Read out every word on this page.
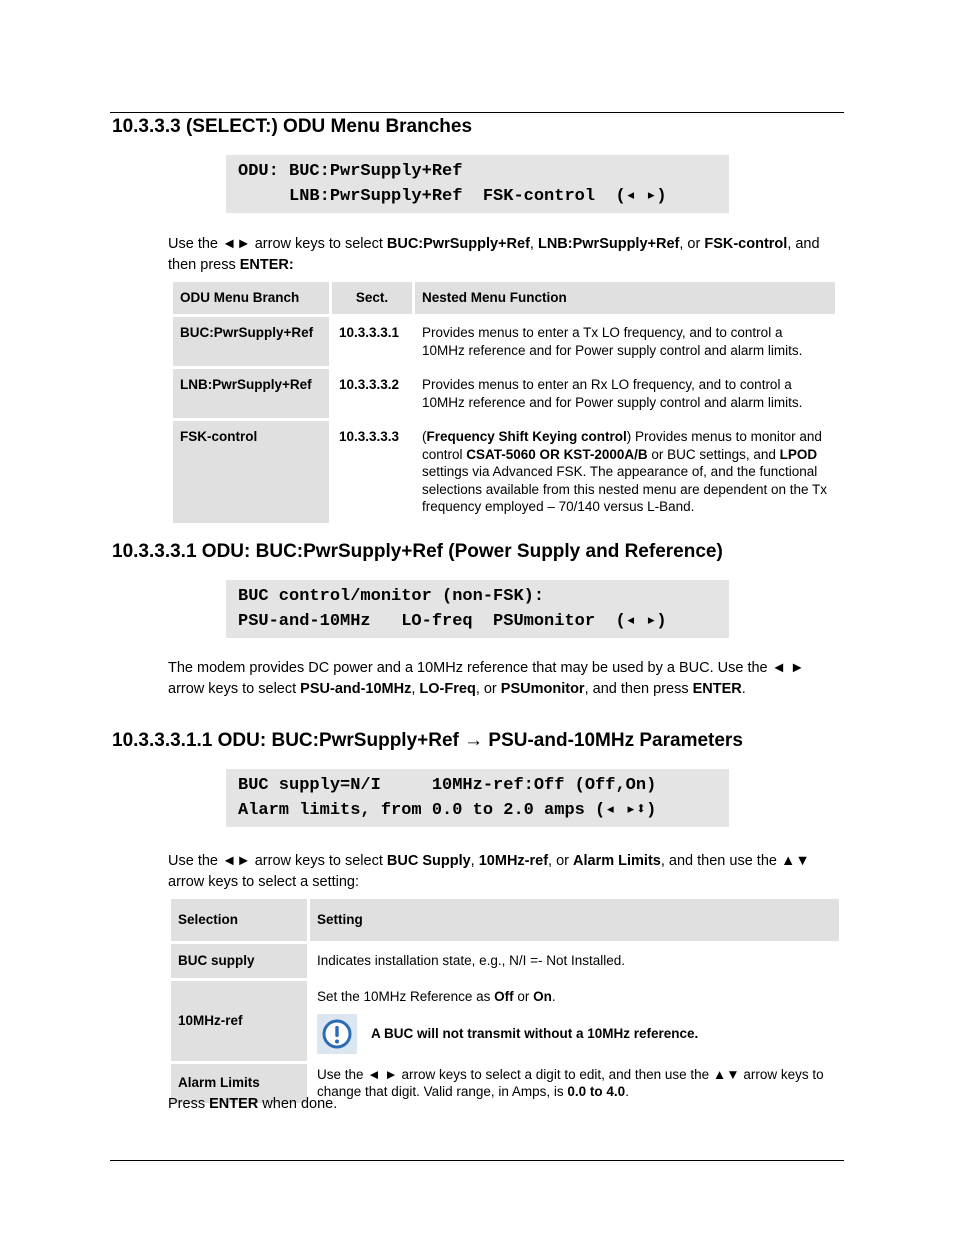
10.3.3.3 (SELECT:) ODU Menu Branches
ODU: BUC:PwrSupply+Ref
LNB:PwrSupply+Ref  FSK-control  (◂ ▸)
Use the ◄► arrow keys to select BUC:PwrSupply+Ref, LNB:PwrSupply+Ref, or FSK-control, and then press ENTER:
ODU Menu Branch	Sect.	Nested Menu Function
BUC:PwrSupply+Ref	10.3.3.3.1	Provides menus to enter a Tx LO frequency, and to control a 10MHz reference and for Power supply control and alarm limits.
LNB:PwrSupply+Ref	10.3.3.3.2	Provides menus to enter an Rx LO frequency, and to control a 10MHz reference and for Power supply control and alarm limits.
FSK-control	10.3.3.3.3	(Frequency Shift Keying control) Provides menus to monitor and control CSAT-5060 OR KST-2000A/B or BUC settings, and LPOD settings via Advanced FSK. The appearance of, and the functional selections available from this nested menu are dependent on the Tx frequency employed – 70/140 versus L-Band.
10.3.3.3.1 ODU: BUC:PwrSupply+Ref (Power Supply and Reference)
BUC control/monitor (non-FSK):
PSU-and-10MHz   LO-freq  PSUmonitor  (◂ ▸)
The modem provides DC power and a 10MHz reference that may be used by a BUC. Use the ◄ ► arrow keys to select PSU-and-10MHz, LO-Freq, or PSUmonitor, and then press ENTER.
10.3.3.3.1.1 ODU: BUC:PwrSupply+Ref → PSU-and-10MHz Parameters
BUC supply=N/I     10MHz-ref:Off (Off,On)
Alarm limits, from 0.0 to 2.0 amps (◂ ▸⬍)
Use the ◄► arrow keys to select BUC Supply, 10MHz-ref, or Alarm Limits, and then use the ▲▼ arrow keys to select a setting:
Selection	Setting
BUC supply	Indicates installation state, e.g., N/I =- Not Installed.
10MHz-ref	Set the 10MHz Reference as Off or On.
A BUC will not transmit without a 10MHz reference.

Alarm Limits	Use the ◄ ► arrow keys to select a digit to edit, and then use the ▲▼ arrow keys to change that digit. Valid range, in Amps, is 0.0 to 4.0.
Press ENTER when done.
